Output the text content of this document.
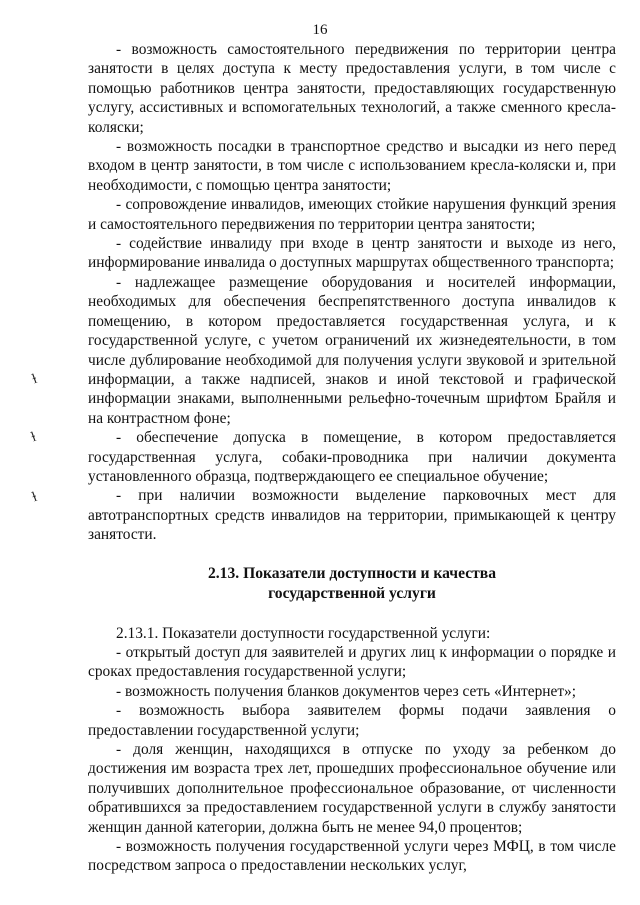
16
ɫ
ɫ
ɫ

- возможность самостоятельного передвижения по территории центра занятости в целях доступа к месту предоставления услуги, в том числе с помощью работников центра занятости, предоставляющих государственную услугу, ассистивных и вспомогательных технологий, а также сменного кресла-коляски;

- возможность посадки в транспортное средство и высадки из него перед входом в центр занятости, в том числе с использованием кресла-коляски и, при необходимости, с помощью центра занятости;

- сопровождение инвалидов, имеющих стойкие нарушения функций зрения и самостоятельного передвижения по территории центра занятости;

- содействие инвалиду при входе в центр занятости и выходе из него, информирование инвалида о доступных маршрутах общественного транспорта;

- надлежащее размещение оборудования и носителей информации, необходимых для обеспечения беспрепятственного доступа инвалидов к помещению, в котором предоставляется государственная услуга, и к государственной услуге, с учетом ограничений их жизнедеятельности, в том числе дублирование необходимой для получения услуги звуковой и зрительной информации, а также надписей, знаков и иной текстовой и графической информации знаками, выполненными рельефно-точечным шрифтом Брайля и на контрастном фоне;

- обеспечение допуска в помещение, в котором предоставляется государственная услуга, собаки-проводника при наличии документа установленного образца, подтверждающего ее специальное обучение;

- при наличии возможности выделение парковочных мест для автотранспортных средств инвалидов на территории, примыкающей к центру занятости.

2.13. Показатели доступности и качества
государственной услуги

2.13.1. Показатели доступности государственной услуги:

- открытый доступ для заявителей и других лиц к информации о порядке и сроках предоставления государственной услуги;

- возможность получения бланков документов через сеть «Интернет»;

- возможность выбора заявителем формы подачи заявления о предоставлении государственной услуги;

- доля женщин, находящихся в отпуске по уходу за ребенком до достижения им возраста трех лет, прошедших профессиональное обучение или получивших дополнительное профессиональное образование, от численности обратившихся за предоставлением государственной услуги в службу занятости женщин данной категории, должна быть не менее 94,0 процентов;

- возможность получения государственной услуги через МФЦ, в том числе посредством запроса о предоставлении нескольких услуг,
